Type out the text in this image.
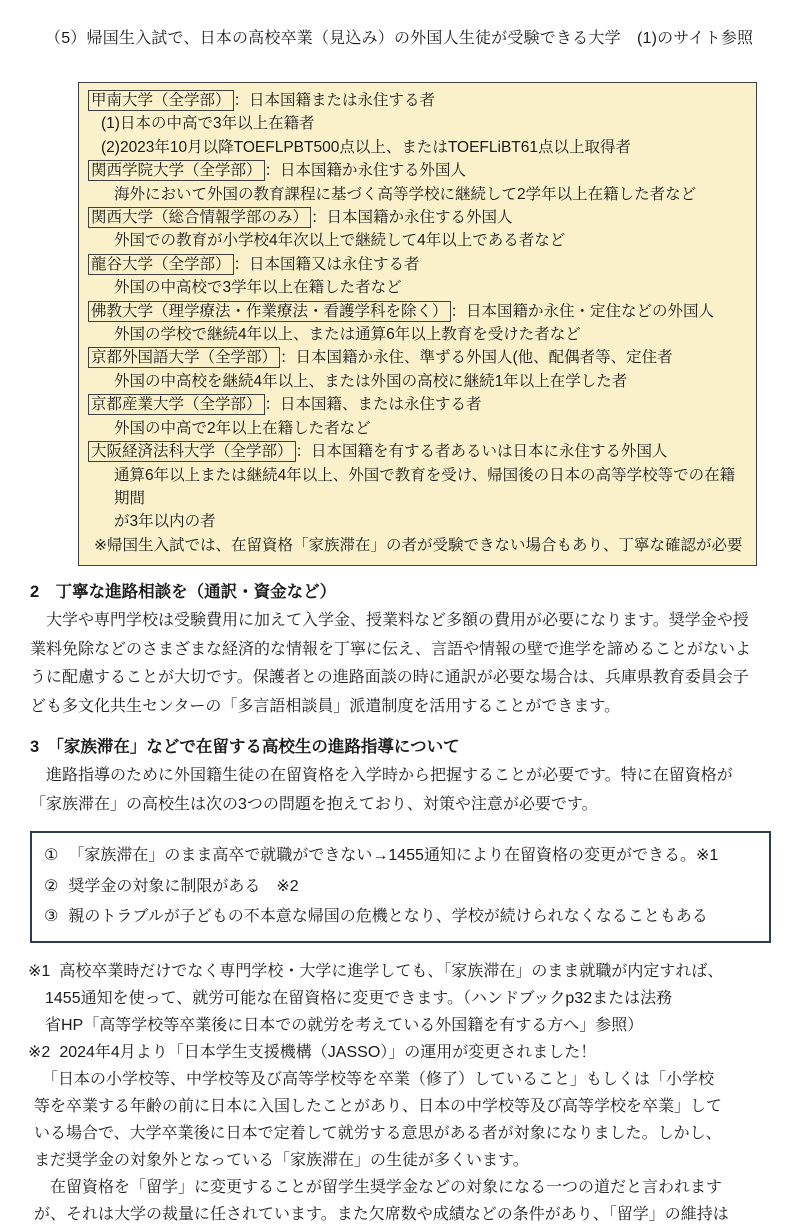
（5）帰国生入試で、日本の高校卒業（見込み）の外国人生徒が受験できる大学　(1)のサイト参照
甲南大学（全学部） ：日本国籍または永住する者
(1)日本の中高で3年以上在籍者
(2)2023年10月以降TOEFLPBT500点以上、またはTOEFLiBT61点以上取得者
関西学院大学（全学部） ：日本国籍か永住する外国人
海外において外国の教育課程に基づく高等学校に継続して2学年以上在籍した者など
関西大学（総合情報学部のみ） ：日本国籍か永住する外国人
外国での教育が小学校4年次以上で継続して4年以上である者など
龍谷大学（全学部） ：日本国籍又は永住する者
外国の中高校で3学年以上在籍した者など
佛教大学（理学療法・作業療法・看護学科を除く） ：日本国籍か永住・定住などの外国人
外国の学校で継続4年以上、または通算6年以上教育を受けた者など
京都外国語大学（全学部） ：日本国籍か永住、準ずる外国人(他、配偶者等、定住者
外国の中高校を継続4年以上、または外国の高校に継続1年以上在学した者
京都産業大学（全学部） ：日本国籍、または永住する者
外国の中高で2年以上在籍した者など
大阪経済法科大学（全学部） ：日本国籍を有する者あるいは日本に永住する外国人
通算6年以上または継続4年以上、外国で教育を受け、帰国後の日本の高等学校等での在籍期間
が3年以内の者
※帰国生入試では、在留資格「家族滞在」の者が受験できない場合もあり、丁寧な確認が必要
2　丁寧な進路相談を（通訳・資金など）
　大学や専門学校は受験費用に加えて入学金、授業料など多額の費用が必要になります。奨学金や授
業料免除などのさまざまな経済的な情報を丁寧に伝え、言語や情報の壁で進学を諦めることがないよ
うに配慮することが大切です。保護者との進路面談の時に通訳が必要な場合は、兵庫県教育委員会子
ども多文化共生センターの「多言語相談員」派遣制度を活用することができます。
3　「家族滞在」などで在留する高校生の進路指導について
　進路指導のために外国籍生徒の在留資格を入学時から把握することが必要です。特に在留資格が
「家族滞在」の高校生は次の3つの問題を抱えており、対策や注意が必要です。
① 「家族滞在」のまま高卒で就職ができない→1455通知により在留資格の変更ができる。※1
② 奨学金の対象に制限がある　※2
③ 親のトラブルが子どもの不本意な帰国の危機となり、学校が続けられなくなることもある
※1 高校卒業時だけでなく専門学校・大学に進学しても、「家族滞在」のまま就職が内定すれば、
1455通知を使って、就労可能な在留資格に変更できます。（ハンドブックp32または法務
省HP「高等学校等卒業後に日本での就労を考えている外国籍を有する方へ」参照）
※2 2024年4月より「日本学生支援機構（JASSO）」の運用が変更されました！
　「日本の小学校等、中学校等及び高等学校等を卒業（修了）していること」もしくは「小学校
等を卒業する年齢の前に日本に入国したことがあり、日本の中学校等及び高等学校を卒業」して
いる場合で、大学卒業後に日本で定着して就労する意思がある者が対象になりました。しかし、
まだ奨学金の対象外となっている「家族滞在」の生徒が多くいます。
　在留資格を「留学」に変更することが留学生奨学金などの対象になる一つの道だと言われます
が、それは大学の裁量に任されています。また欠席数や成績などの条件があり、「留学」の維持は
